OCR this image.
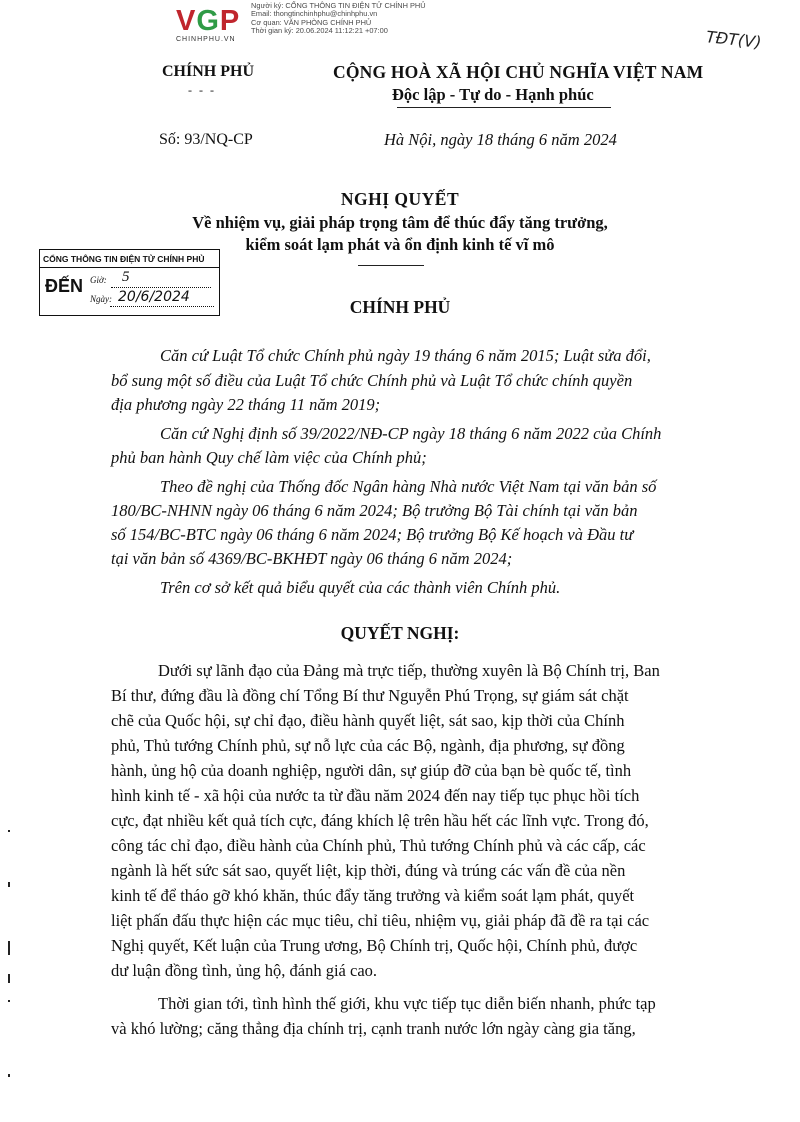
VGP
CHINHPHU.VN
Người ký: CỔNG THÔNG TIN ĐIỆN TỬ CHÍNH PHỦ
Email: thongtinchinhphu@chinhphu.vn
Cơ quan: VĂN PHÒNG CHÍNH PHỦ
Thời gian ký: 20.06.2024 11:12:21 +07:00	TĐT(V)
CHÍNH PHỦ
- - -
CỘNG HOÀ XÃ HỘI CHỦ NGHĨA VIỆT NAM
Độc lập - Tự do - Hạnh phúc
Số: 93/NQ-CP	Hà Nội, ngày 18 tháng 6 năm 2024
NGHỊ QUYẾT
Về nhiệm vụ, giải pháp trọng tâm để thúc đẩy tăng trưởng,
kiểm soát lạm phát và ổn định kinh tế vĩ mô
CHÍNH PHỦ
CỔNG THÔNG TIN ĐIỆN TỬ CHÍNH PHỦ
ĐẾN Giờ: 5
Ngày: 20/6/2024
Căn cứ Luật Tổ chức Chính phủ ngày 19 tháng 6 năm 2015; Luật sửa đổi,
bổ sung một số điều của Luật Tổ chức Chính phủ và Luật Tổ chức chính quyền
địa phương ngày 22 tháng 11 năm 2019;
Căn cứ Nghị định số 39/2022/NĐ-CP ngày 18 tháng 6 năm 2022 của Chính
phủ ban hành Quy chế làm việc của Chính phủ;
Theo đề nghị của Thống đốc Ngân hàng Nhà nước Việt Nam tại văn bản số
180/BC-NHNN ngày 06 tháng 6 năm 2024; Bộ trưởng Bộ Tài chính tại văn bản
số 154/BC-BTC ngày 06 tháng 6 năm 2024; Bộ trưởng Bộ Kế hoạch và Đầu tư
tại văn bản số 4369/BC-BKHĐT ngày 06 tháng 6 năm 2024;
Trên cơ sở kết quả biểu quyết của các thành viên Chính phủ.
QUYẾT NGHỊ:
Dưới sự lãnh đạo của Đảng mà trực tiếp, thường xuyên là Bộ Chính trị, Ban
Bí thư, đứng đầu là đồng chí Tổng Bí thư Nguyễn Phú Trọng, sự giám sát chặt
chẽ của Quốc hội, sự chỉ đạo, điều hành quyết liệt, sát sao, kịp thời của Chính
phủ, Thủ tướng Chính phủ, sự nỗ lực của các Bộ, ngành, địa phương, sự đồng
hành, ủng hộ của doanh nghiệp, người dân, sự giúp đỡ của bạn bè quốc tế, tình
hình kinh tế - xã hội của nước ta từ đầu năm 2024 đến nay tiếp tục phục hồi tích
cực, đạt nhiều kết quả tích cực, đáng khích lệ trên hầu hết các lĩnh vực. Trong đó,
công tác chỉ đạo, điều hành của Chính phủ, Thủ tướng Chính phủ và các cấp, các
ngành là hết sức sát sao, quyết liệt, kịp thời, đúng và trúng các vấn đề của nền
kinh tế để tháo gỡ khó khăn, thúc đẩy tăng trưởng và kiểm soát lạm phát, quyết
liệt phấn đấu thực hiện các mục tiêu, chỉ tiêu, nhiệm vụ, giải pháp đã đề ra tại các
Nghị quyết, Kết luận của Trung ương, Bộ Chính trị, Quốc hội, Chính phủ, được
dư luận đồng tình, ủng hộ, đánh giá cao.
Thời gian tới, tình hình thế giới, khu vực tiếp tục diễn biến nhanh, phức tạp
và khó lường; căng thẳng địa chính trị, cạnh tranh nước lớn ngày càng gia tăng,
